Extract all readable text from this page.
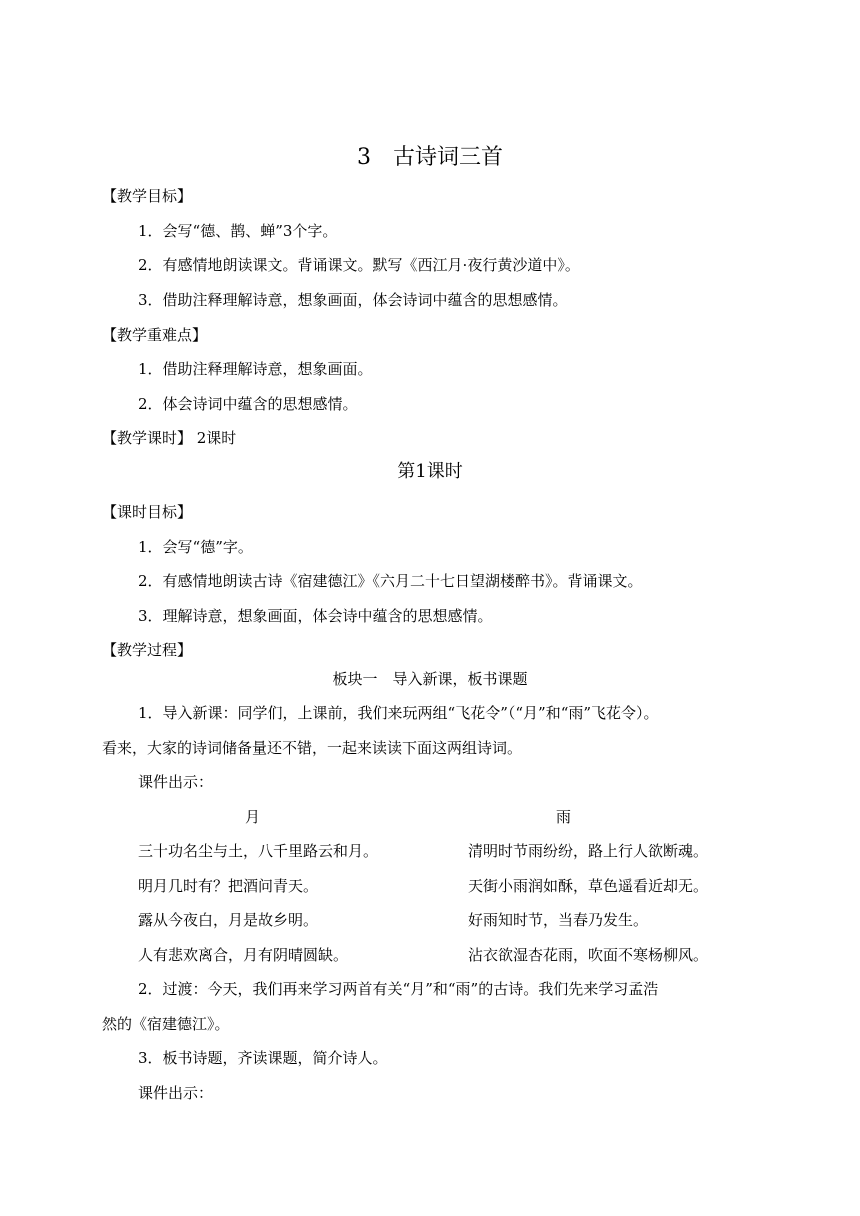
3　古诗词三首
【教学目标】
1．会写“德、鹊、蝉”3个字。
2．有感情地朗读课文。背诵课文。默写《西江月·夜行黄沙道中》。
3．借助注释理解诗意，想象画面，体会诗词中蕴含的思想感情。
【教学重难点】
1．借助注释理解诗意，想象画面。
2．体会诗词中蕴含的思想感情。
【教学课时】 2课时
第1课时
【课时目标】
1．会写“德”字。
2．有感情地朗读古诗《宿建德江》《六月二十七日望湖楼醉书》。背诵课文。
3．理解诗意，想象画面，体会诗中蕴含的思想感情。
【教学过程】
板块一　导入新课，板书课题
1．导入新课：同学们，上课前，我们来玩两组“飞花令”（“月”和“雨”飞花令）。
看来，大家的诗词储备量还不错，一起来读读下面这两组诗词。
课件出示：
月	雨
三十功名尘与土，八千里路云和月。	清明时节雨纷纷，路上行人欲断魂。
明月几时有？把酒问青天。	天街小雨润如酥，草色遥看近却无。
露从今夜白，月是故乡明。	好雨知时节，当春乃发生。
人有悲欢离合，月有阴晴圆缺。	沾衣欲湿杏花雨，吹面不寒杨柳风。
2．过渡：今天，我们再来学习两首有关“月”和“雨”的古诗。我们先来学习孟浩
然的《宿建德江》。
3．板书诗题，齐读课题，简介诗人。
课件出示：
